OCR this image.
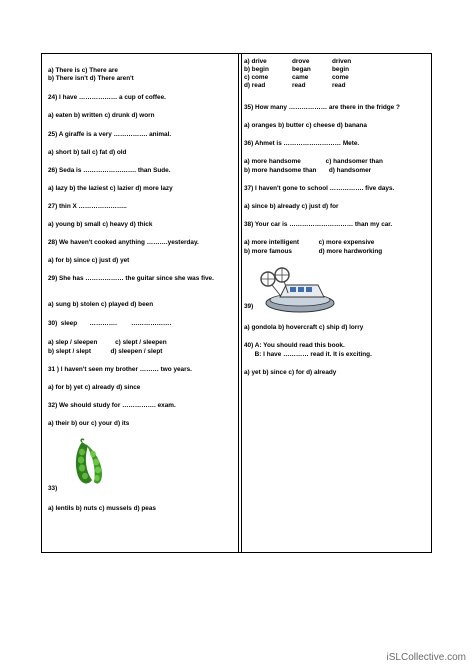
a) There is c) There are
b) There isn't d) There aren't
24) I have ……………… a cup of coffee.
a) eaten b) written c) drunk d) worn
25) A giraffe is a very ……………. animal.
a) short b) tall c) fat d) old
26) Seda is ……………………. than Sude.
a) lazy b) the laziest c) lazier d) more lazy
27) thin X …………………..
a) young b) small c) heavy d) thick
28) We haven't cooked anything ……….yesterday.
a) for b) since c) just d) yet
29) She has ……………… the guitar since she was five.
a) sung b) stolen c) played d) been
30)  sleep       ………….        ……………….
a) slep / sleepen          c) slept / sleepen
b) slept / slept           d) sleepen / slept
31 ) I haven't seen my brother ……… two years.
a) for b) yet c) already d) since
32) We should study for ……………. exam.
a) their b) our c) your d) its
33)
a) lentils b) nuts c) mussels d) peas
a) drive	drove	driven
b) begin	began	begin
c) come	came	come
d) read	read	read
35) How many ……………… are there in the fridge ?
a) oranges b) butter c) cheese d) banana
36) Ahmet is ……………………… Mete.
a) more handsome              c) handsomer than
b) more handsome than       d) handsomer
37) I haven't gone to school ……………. five days.
a) since b) already c) just d) for
38) Your car is ………………………… than my car.
a) more intelligent           c) more expensive
b) more famous               d) more hardworking
39)
a) gondola b) hovercraft c) ship d) lorry
40) A: You should read this book.
B: I have ………… read it. It is exciting.
a) yet b) since c) for d) already
iSLCollective.com
